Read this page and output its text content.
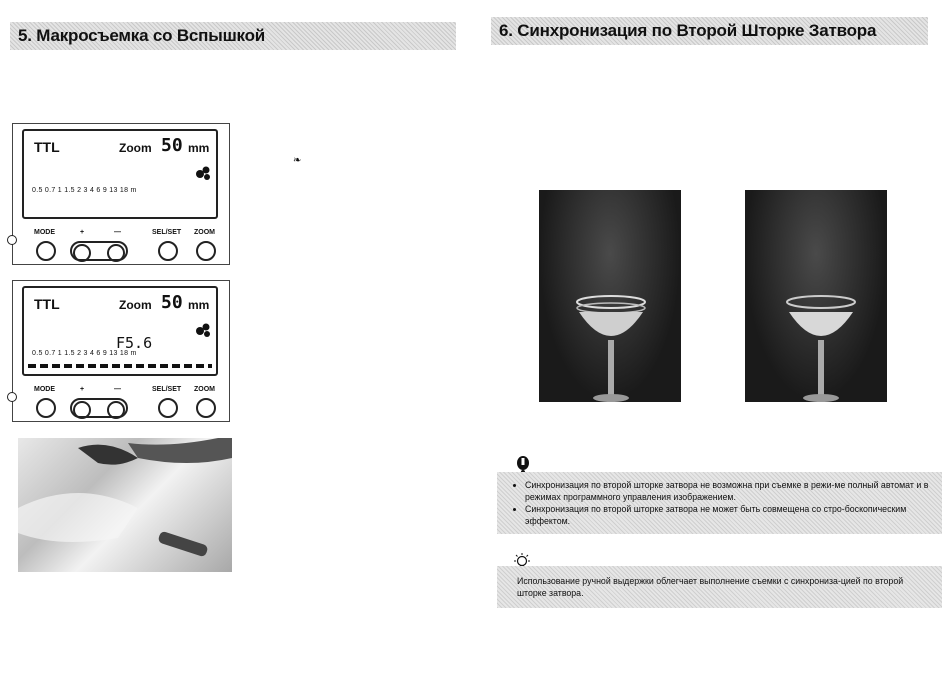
5. Макросъемка со Вспышкой
❧
TTL	Zoom 50 mm
0.5 0.7 1 1.5 2 3 4 6 9 13 18 m
MODE	+	—	SEL/SET ZOOM
TTL	Zoom 50 mm
F5.6
0.5 0.7 1 1.5 2 3 4 6 9 13 18 m
MODE	+	—	SEL/SET ZOOM
6. Синхронизация по Второй Шторке Затвора
• Синхронизация по второй шторке затвора не возможна при съемке в режи-ме полный автомат и в режимах программного управления изображением.
• Синхронизация по второй шторке затвора не может быть совмещена со стро-боскопическим эффектом.
Использование ручной выдержки облегчает выполнение съемки с синхрониза-цией по второй шторке затвора.
